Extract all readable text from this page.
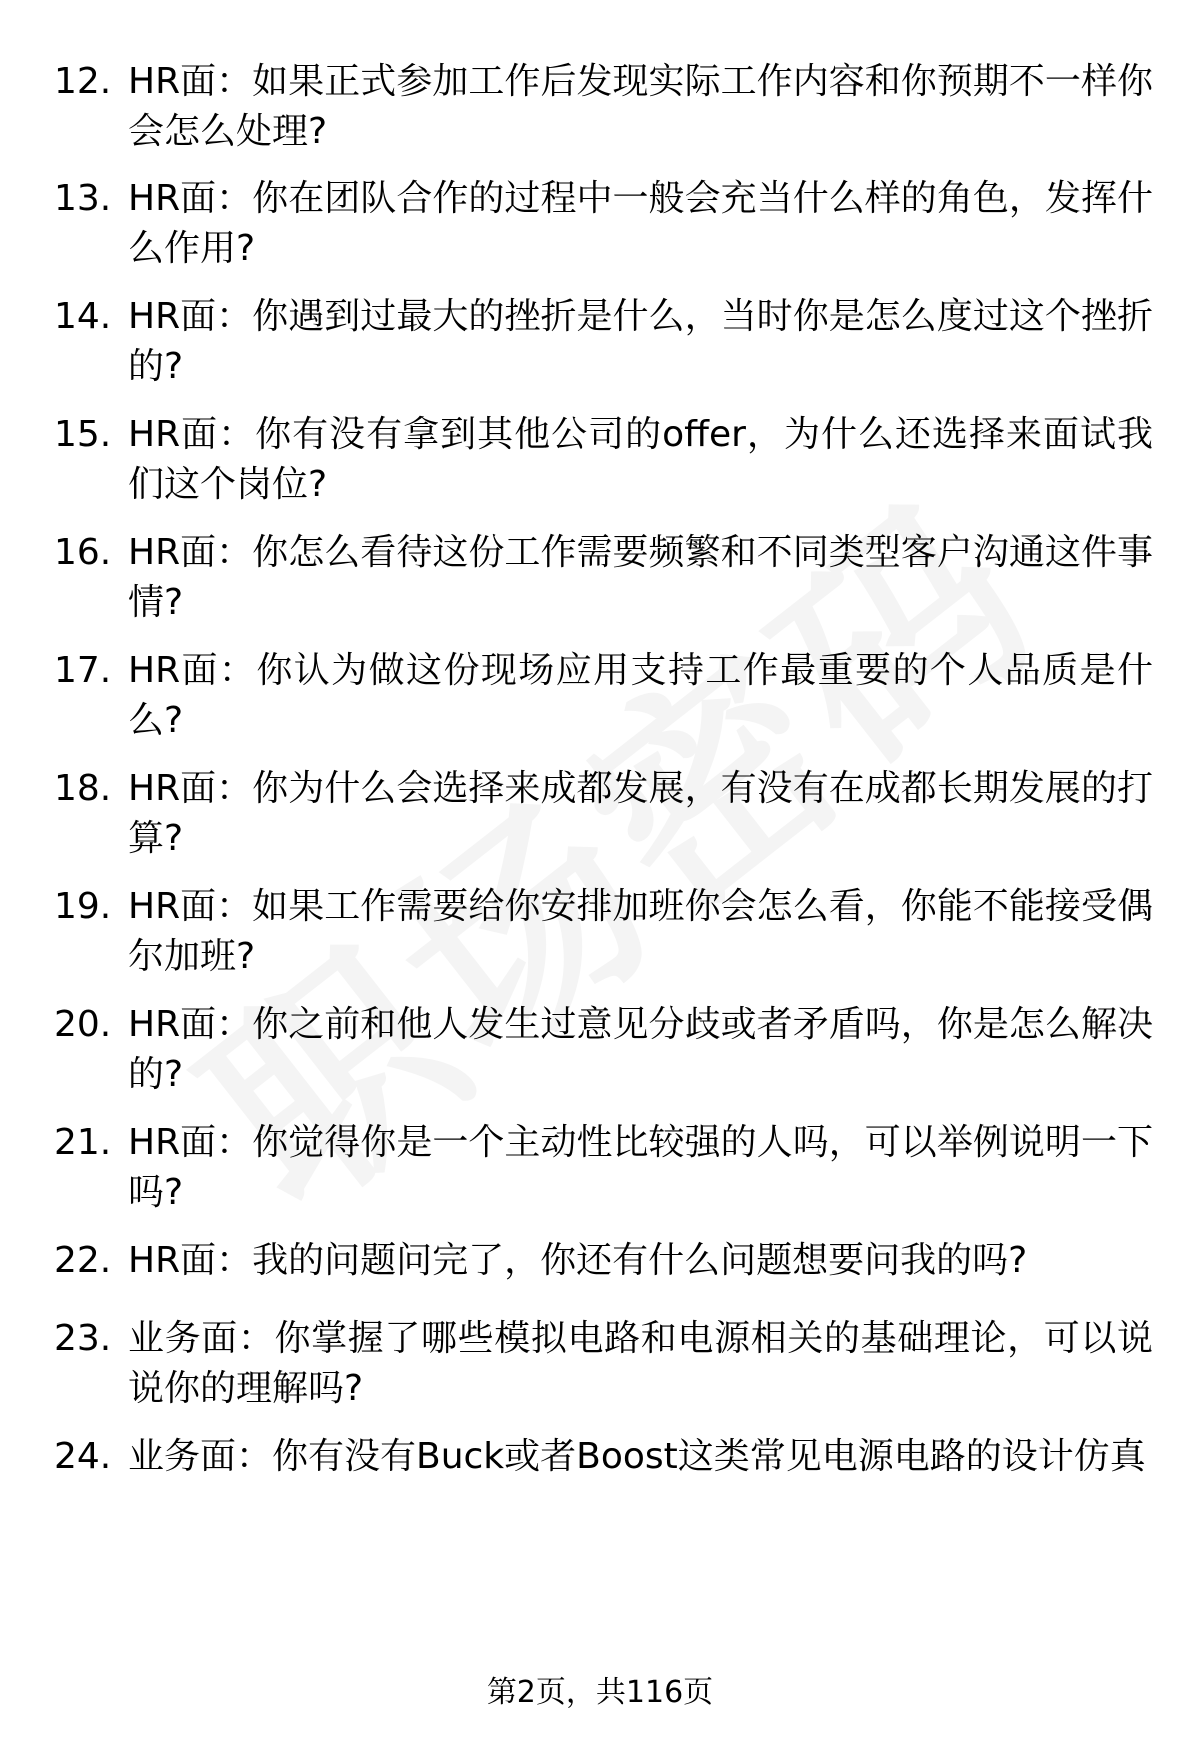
12. HR面：如果正式参加工作后发现实际工作内容和你预期不一样你会怎么处理?
13. HR面：你在团队合作的过程中一般会充当什么样的角色，发挥什么作用?
14. HR面：你遇到过最大的挫折是什么，当时你是怎么度过这个挫折的?
15. HR面：你有没有拿到其他公司的offer，为什么还选择来面试我们这个岗位?
16. HR面：你怎么看待这份工作需要频繁和不同类型客户沟通这件事情?
17. HR面：你认为做这份现场应用支持工作最重要的个人品质是什么?
18. HR面：你为什么会选择来成都发展，有没有在成都长期发展的打算?
19. HR面：如果工作需要给你安排加班你会怎么看，你能不能接受偶尔加班?
20. HR面：你之前和他人发生过意见分歧或者矛盾吗，你是怎么解决的?
21. HR面：你觉得你是一个主动性比较强的人吗，可以举例说明一下吗?
22. HR面：我的问题问完了，你还有什么问题想要问我的吗?
23. 业务面：你掌握了哪些模拟电路和电源相关的基础理论，可以说说你的理解吗?
24. 业务面：你有没有Buck或者Boost这类常见电源电路的设计仿真
第2页，共116页
